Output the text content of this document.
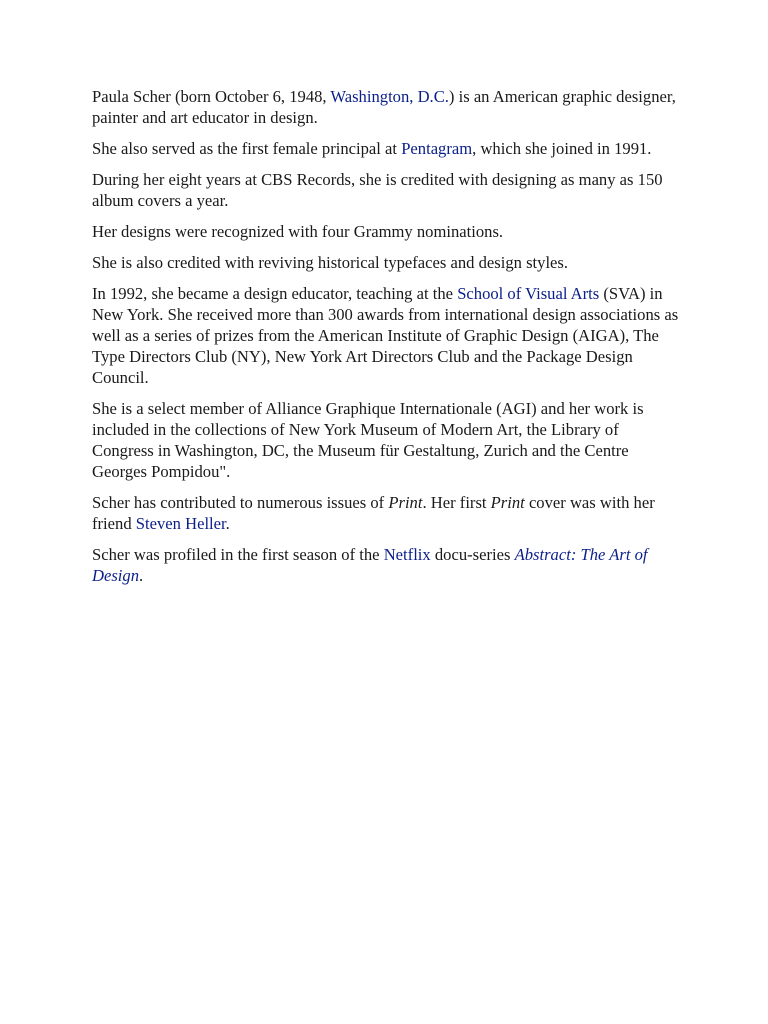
Paula Scher (born October 6, 1948, Washington, D.C.) is an American graphic designer, painter and art educator in design.

She also served as the first female principal at Pentagram, which she joined in 1991.

During her eight years at CBS Records, she is credited with designing as many as 150 album covers a year.

Her designs were recognized with four Grammy nominations.

She is also credited with reviving historical typefaces and design styles.

In 1992, she became a design educator, teaching at the School of Visual Arts (SVA) in New York. She received more than 300 awards from international design associations as well as a series of prizes from the American Institute of Graphic Design (AIGA), The Type Directors Club (NY), New York Art Directors Club and the Package Design Council.

She is a select member of Alliance Graphique Internationale (AGI) and her work is included in the collections of New York Museum of Modern Art, the Library of Congress in Washington, DC, the Museum für Gestaltung, Zurich and the Centre Georges Pompidou".

Scher has contributed to numerous issues of Print. Her first Print cover was with her friend Steven Heller.

Scher was profiled in the first season of the Netflix docu-series Abstract: The Art of Design.
